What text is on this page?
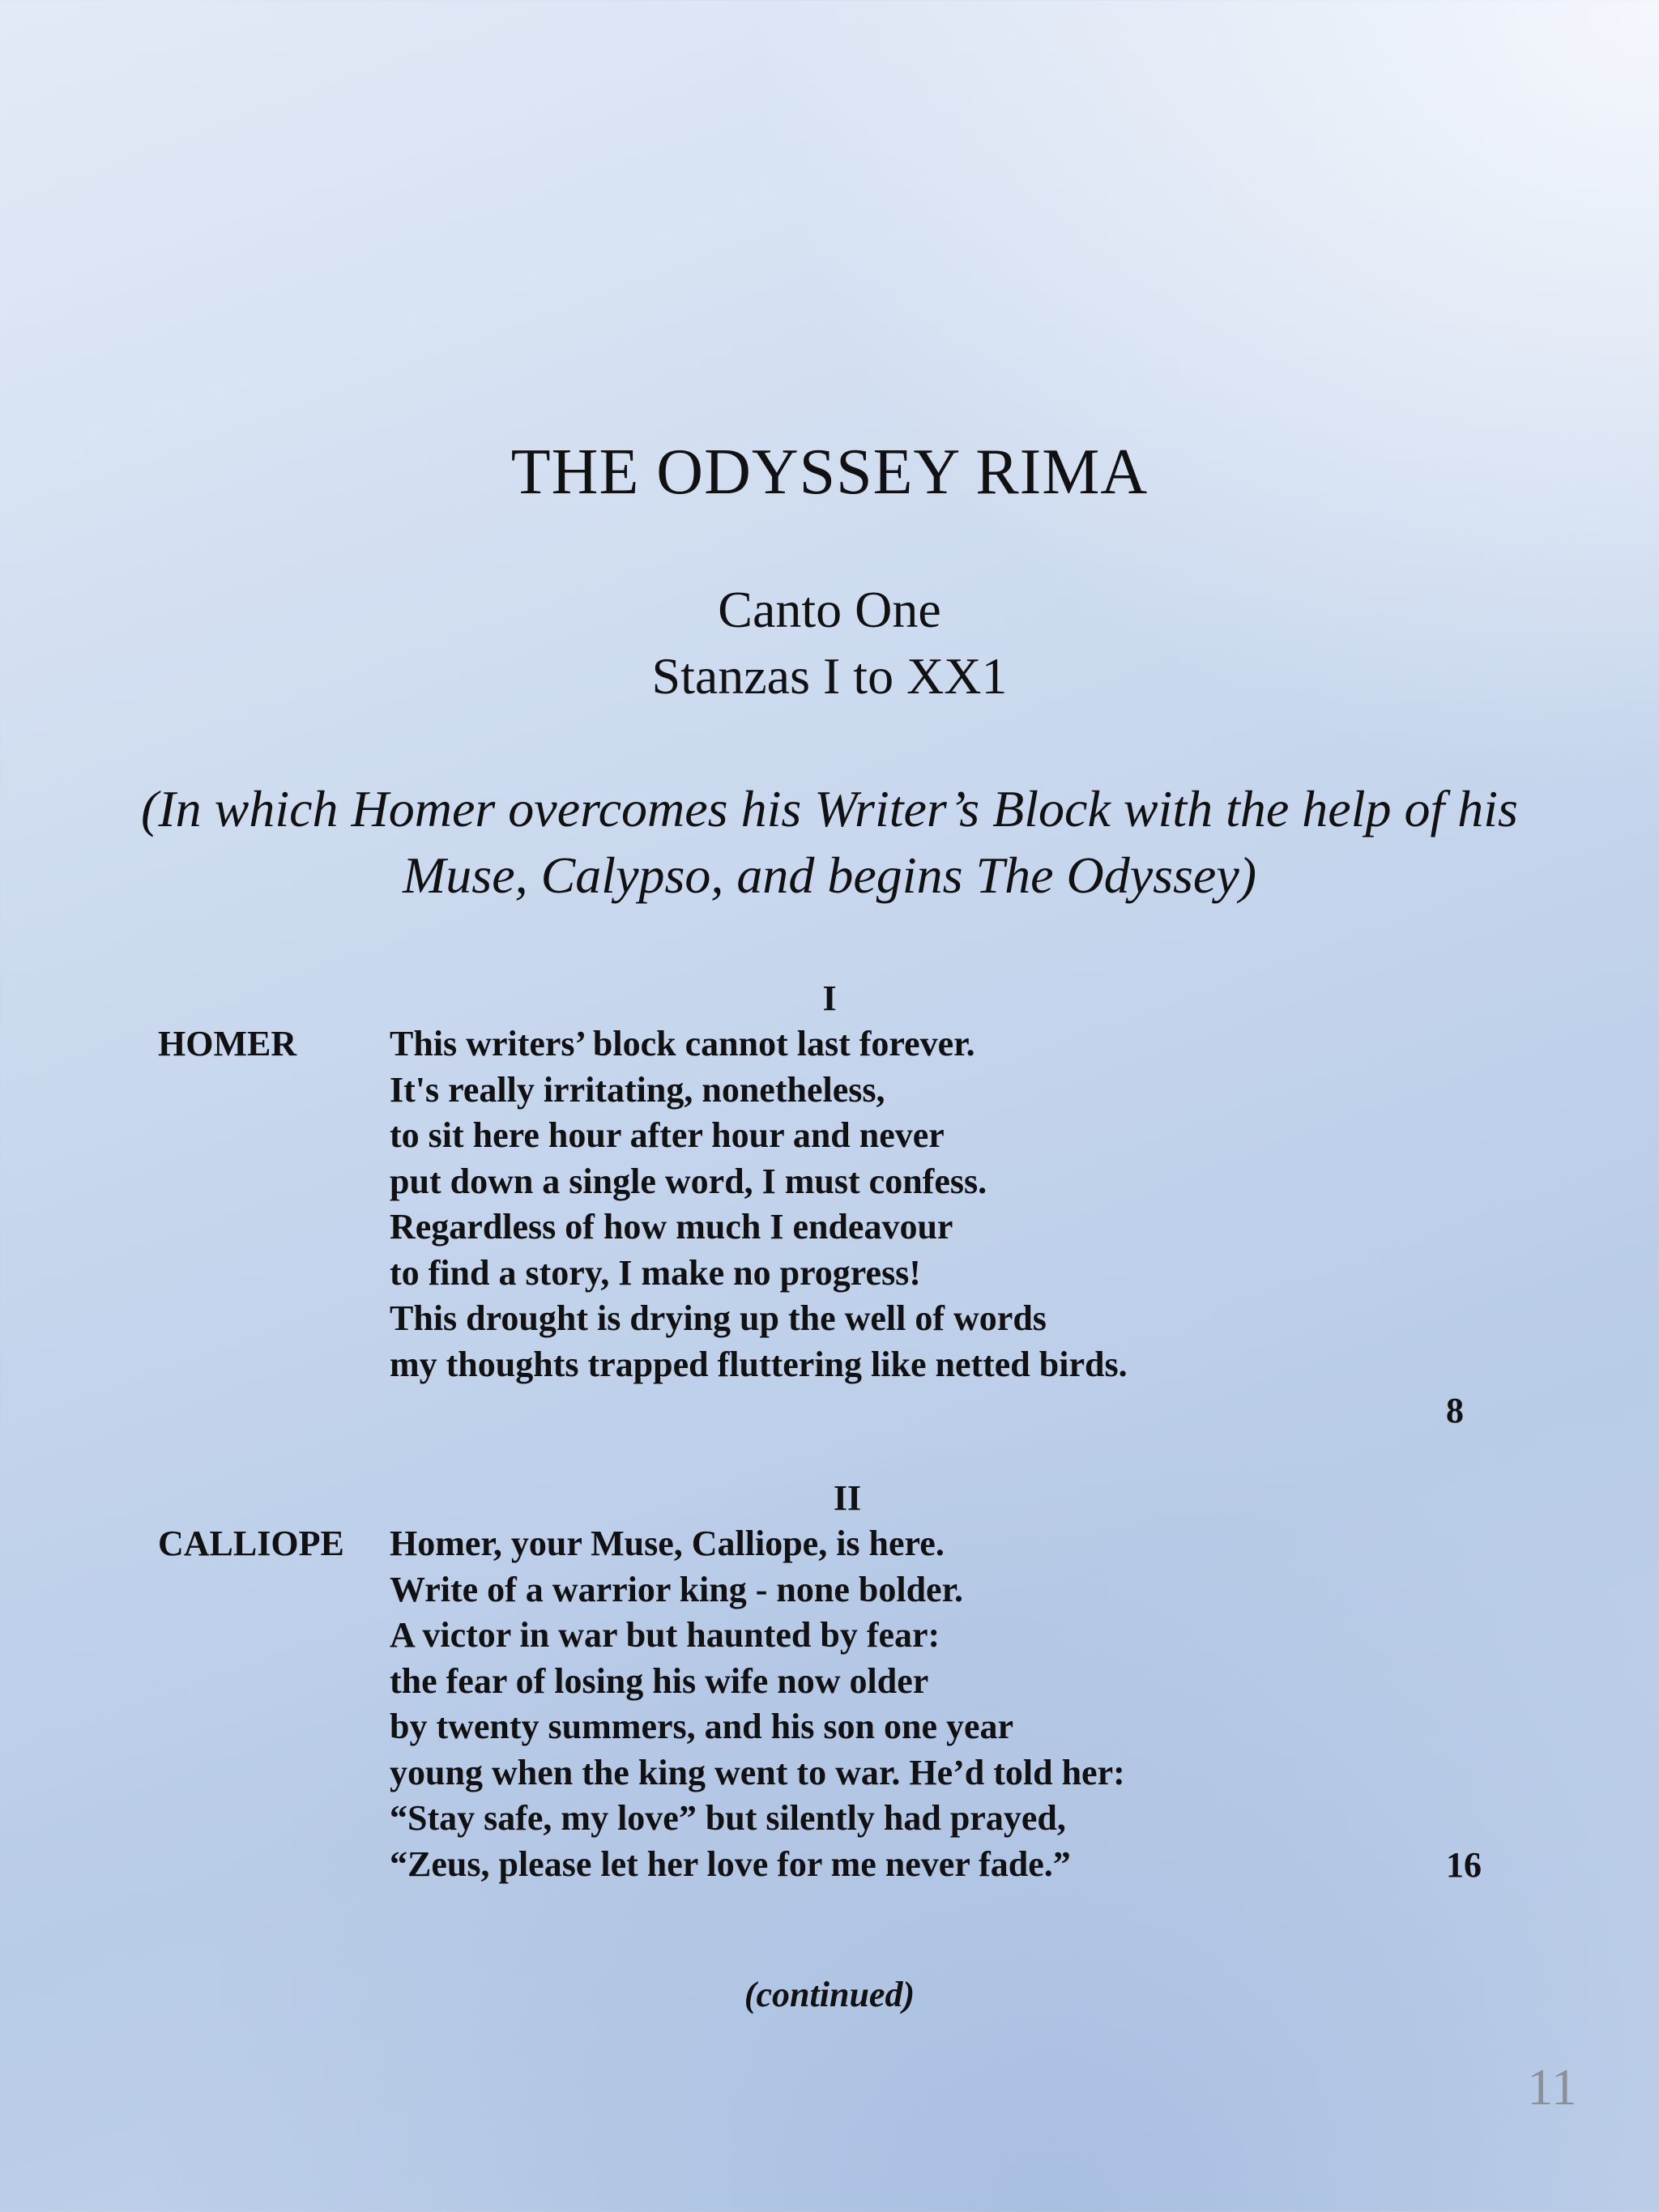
THE ODYSSEY RIMA
Canto One
Stanzas I to XX1
(In which Homer overcomes his Writer’s Block with the help of his Muse, Calypso, and begins The Odyssey)
I
HOMER	This writers’ block cannot last forever.
It's really irritating, nonetheless,
to sit here hour after hour and never
put down a single word, I must confess.
Regardless of how much I endeavour
to find a story, I make no progress!
This drought is drying up the well of words
my thoughts trapped fluttering like netted birds.
8
II
CALLIOPE Homer, your Muse, Calliope, is here.
Write of a warrior king - none bolder.
A victor in war but haunted by fear:
the fear of losing his wife now older
by twenty summers, and his son one year
young when the king went to war. He’d told her:
“Stay safe, my love” but silently had prayed,
“Zeus, please let her love for me never fade.”	16
(continued)
11
